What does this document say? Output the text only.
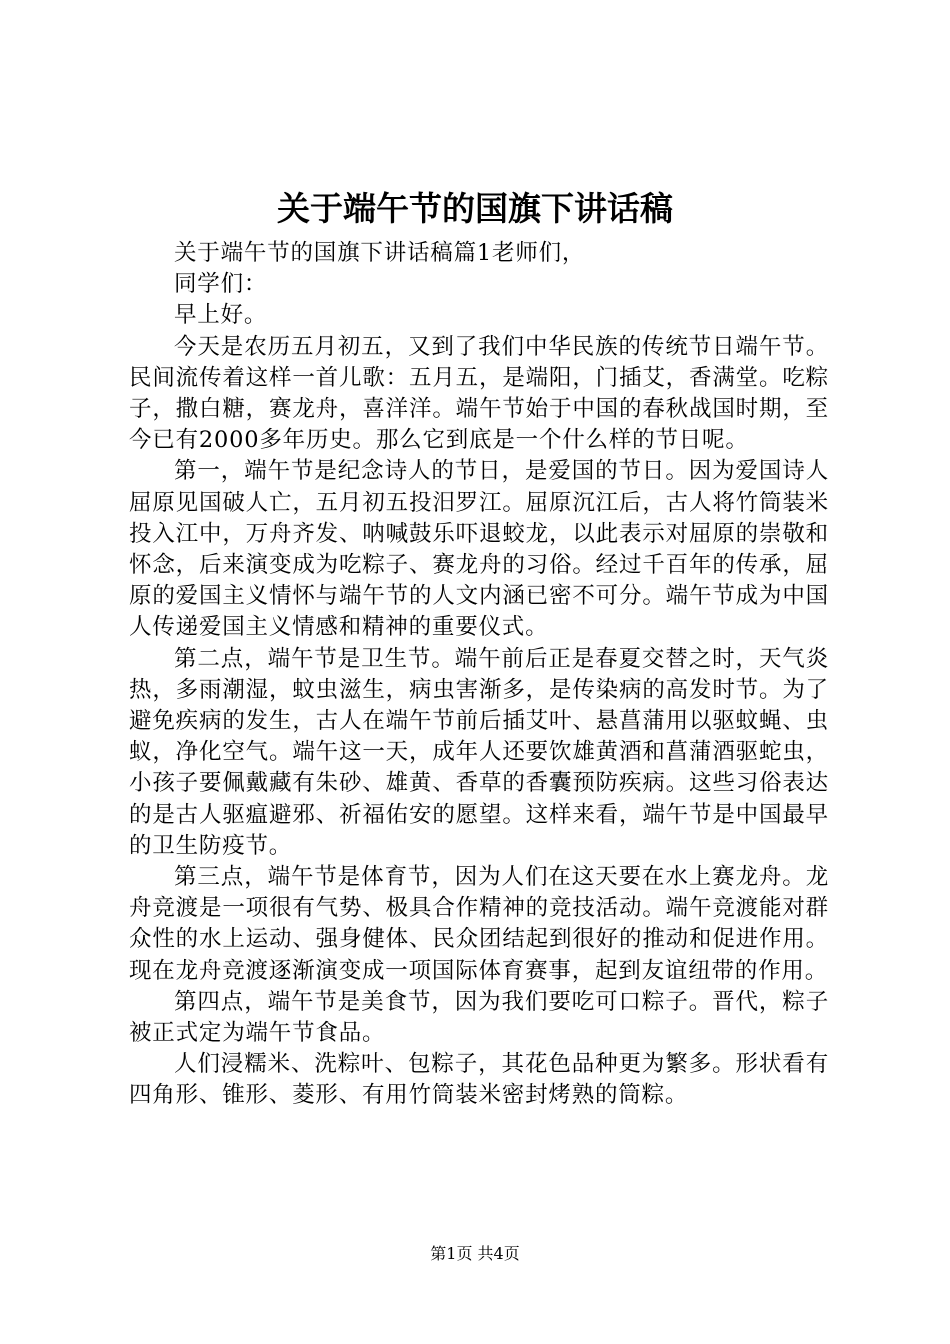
关于端午节的国旗下讲话稿

关于端午节的国旗下讲话稿篇1老师们，

同学们：

早上好。

今天是农历五月初五，又到了我们中华民族的传统节日端午节。民间流传着这样一首儿歌：五月五，是端阳，门插艾，香满堂。吃粽子，撒白糖，赛龙舟，喜洋洋。端午节始于中国的春秋战国时期，至今已有2000多年历史。那么它到底是一个什么样的节日呢。

第一，端午节是纪念诗人的节日，是爱国的节日。因为爱国诗人屈原见国破人亡，五月初五投汨罗江。屈原沉江后，古人将竹筒装米投入江中，万舟齐发、呐喊鼓乐吓退蛟龙，以此表示对屈原的崇敬和怀念，后来演变成为吃粽子、赛龙舟的习俗。经过千百年的传承，屈原的爱国主义情怀与端午节的人文内涵已密不可分。端午节成为中国人传递爱国主义情感和精神的重要仪式。

第二点，端午节是卫生节。端午前后正是春夏交替之时，天气炎热，多雨潮湿，蚊虫滋生，病虫害渐多，是传染病的高发时节。为了避免疾病的发生，古人在端午节前后插艾叶、悬菖蒲用以驱蚊蝇、虫蚁，净化空气。端午这一天，成年人还要饮雄黄酒和菖蒲酒驱蛇虫，小孩子要佩戴藏有朱砂、雄黄、香草的香囊预防疾病。这些习俗表达的是古人驱瘟避邪、祈福佑安的愿望。这样来看，端午节是中国最早的卫生防疫节。

第三点，端午节是体育节，因为人们在这天要在水上赛龙舟。龙舟竞渡是一项很有气势、极具合作精神的竞技活动。端午竞渡能对群众性的水上运动、强身健体、民众团结起到很好的推动和促进作用。现在龙舟竞渡逐渐演变成一项国际体育赛事，起到友谊纽带的作用。

第四点，端午节是美食节，因为我们要吃可口粽子。晋代，粽子被正式定为端午节食品。

人们浸糯米、洗粽叶、包粽子，其花色品种更为繁多。形状看有四角形、锥形、菱形、有用竹筒装米密封烤熟的筒粽。

第1页 共4页
